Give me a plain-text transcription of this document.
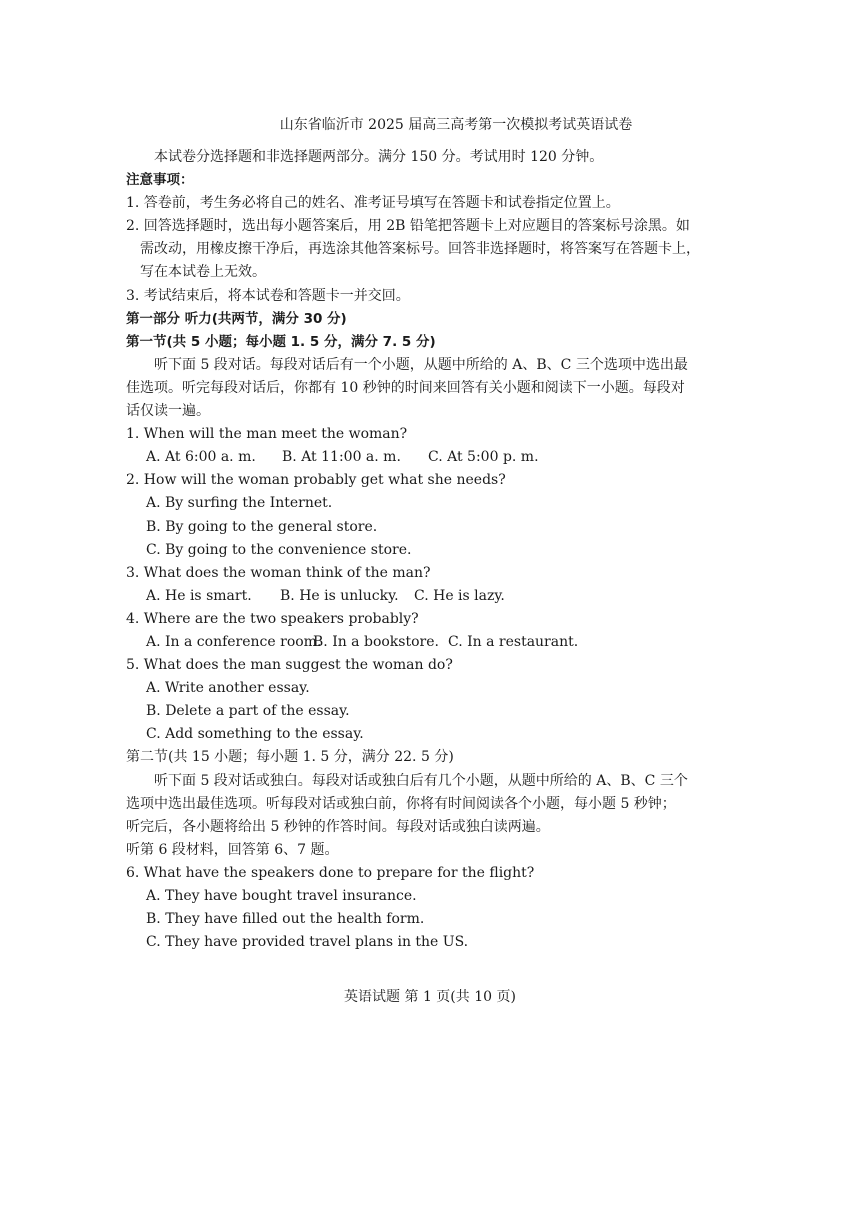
山东省临沂市 2025 届高三高考第一次模拟考试英语试卷
本试卷分选择题和非选择题两部分。满分 150 分。考试用时 120 分钟。
注意事项：
1. 答卷前，考生务必将自己的姓名、准考证号填写在答题卡和试卷指定位置上。
2. 回答选择题时，选出每小题答案后，用 2B 铅笔把答题卡上对应题目的答案标号涂黑。如
需改动，用橡皮擦干净后，再选涂其他答案标号。回答非选择题时，将答案写在答题卡上，
写在本试卷上无效。
3. 考试结束后，将本试卷和答题卡一并交回。
第一部分 听力(共两节，满分 30 分)
第一节(共 5 小题；每小题 1. 5 分，满分 7. 5 分)
听下面 5 段对话。每段对话后有一个小题，从题中所给的 A、B、C 三个选项中选出最
佳选项。听完每段对话后，你都有 10 秒钟的时间来回答有关小题和阅读下一小题。每段对
话仅读一遍。
1. When will the man meet the woman?
A. At 6:00 a. m. B. At 11:00 a. m. C. At 5:00 p. m.
2. How will the woman probably get what she needs?
A. By surfing the Internet.
B. By going to the general store.
C. By going to the convenience store.
3. What does the woman think of the man?
A. He is smart. B. He is unlucky. C. He is lazy.
4. Where are the two speakers probably?
A. In a conference room.B. In a bookstore. C. In a restaurant.
5. What does the man suggest the woman do?
A. Write another essay.
B. Delete a part of the essay.
C. Add something to the essay.
第二节(共 15 小题；每小题 1. 5 分，满分 22. 5 分)
听下面 5 段对话或独白。每段对话或独白后有几个小题，从题中所给的 A、B、C 三个
选项中选出最佳选项。听每段对话或独白前，你将有时间阅读各个小题，每小题 5 秒钟；
听完后，各小题将给出 5 秒钟的作答时间。每段对话或独白读两遍。
听第 6 段材料，回答第 6、7 题。
6. What have the speakers done to prepare for the flight?
A. They have bought travel insurance.
B. They have filled out the health form.
C. They have provided travel plans in the US.
英语试题 第 1 页(共 10 页)
